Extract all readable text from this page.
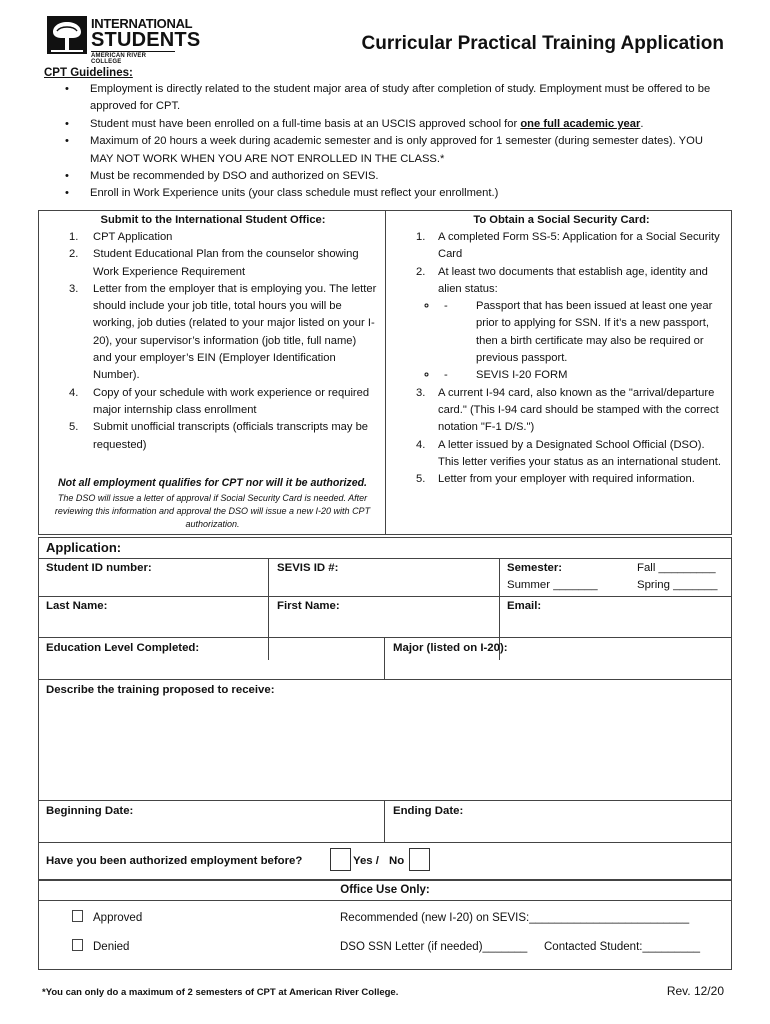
INTERNATIONAL
STUDENTS
AMERICAN RIVER COLLEGE
Curricular Practical Training Application
CPT Guidelines:
• Employment is directly related to the student major area of study after completion of study. Employment must be offered to be approved for CPT.
• Student must have been enrolled on a full-time basis at an USCIS approved school for one full academic year.
• Maximum of 20 hours a week during academic semester and is only approved for 1 semester (during semester dates). YOU MAY NOT WORK WHEN YOU ARE NOT ENROLLED IN THE CLASS.*
• Must be recommended by DSO and authorized on SEVIS.
• Enroll in Work Experience units (your class schedule must reflect your enrollment.)
Submit to the International Student Office:
1. CPT Application
2. Student Educational Plan from the counselor showing Work Experience Requirement
3. Letter from the employer that is employing you. The letter should include your job title, total hours you will be working, job duties (related to your major listed on your I-20), your supervisor’s information (job title, full name) and your employer’s EIN (Employer Identification Number).
4. Copy of your schedule with work experience or required major internship class enrollment
5. Submit unofficial transcripts (officials transcripts may be requested)
Not all employment qualifies for CPT nor will it be authorized.
The DSO will issue a letter of approval if Social Security Card is needed. After reviewing this information and approval the DSO will issue a new I-20 with CPT authorization.
To Obtain a Social Security Card:
1. A completed Form SS-5: Application for a Social Security Card
2. At least two documents that establish age, identity and alien status:
- ◦ Passport that has been issued at least one year prior to applying for SSN. If it’s a new passport, then a birth certificate may also be required or previous passport.
- ◦ SEVIS I-20 FORM
3. A current I-94 card, also known as the "arrival/departure card." (This I-94 card should be stamped with the correct notation "F-1 D/S.")
4. A letter issued by a Designated School Official (DSO). This letter verifies your status as an international student.
5. Letter from your employer with required information.
Application:
Student ID number:	SEVIS ID #:	Semester:
Summer _______
Fall _________
Spring _______
Last Name:	First Name:	Email:
Education Level Completed:	Major (listed on I-20):
Describe the training proposed to receive:
Beginning Date:	Ending Date:
Have you been authorized employment before?	Yes / No
Office Use Only:
Approved	Recommended (new I-20) on SEVIS:_________________________
Denied	DSO SSN Letter (if needed)_______ Contacted Student:_________
*You can only do a maximum of 2 semesters of CPT at American River College.	Rev. 12/20
